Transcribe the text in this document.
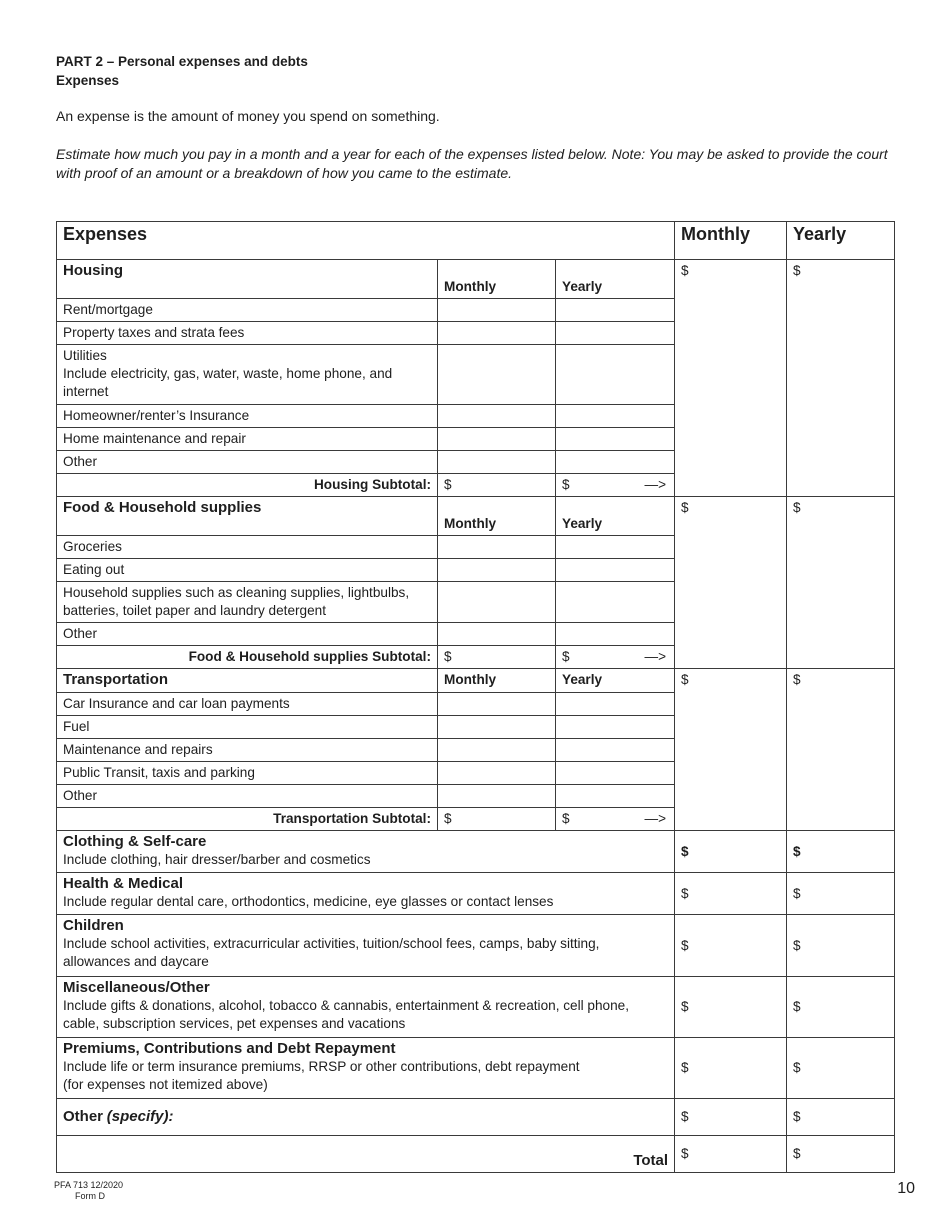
PART 2 – Personal expenses and debts
Expenses
An expense is the amount of money you spend on something.
Estimate how much you pay in a month and a year for each of the expenses listed below. Note: You may be asked to provide the court with proof of an amount or a breakdown of how you came to the estimate.
Expenses			Monthly	Yearly
Housing	Monthly	Yearly	$	$
Rent/mortgage				
Property taxes and strata fees				

Utilities
Include electricity, gas, water, waste, home phone, and internet				

Homeowner/renter’s Insurance				
Home maintenance and repair				
Other				
Housing Subtotal:	$	$ —>		

Food & Household supplies	Monthly	Yearly	$	$
Groceries				
Eating out				
Household supplies such as cleaning supplies, lightbulbs, batteries, toilet paper and laundry detergent				
Other				
Food & Household supplies Subtotal:	$	$ —>		

Transportation	Monthly	Yearly	$	$
Car Insurance and car loan payments				
Fuel				
Maintenance and repairs				
Public Transit, taxis and parking				
Other				
Transportation Subtotal:	$	$ —>		

Clothing & Self-care
Include clothing, hair dresser/barber and cosmetics			$	$

Health & Medical
Include regular dental care, orthodontics, medicine, eye glasses or contact lenses			$	$

Children
Include school activities, extracurricular activities, tuition/school fees, camps, baby sitting, allowances and daycare			$	$

Miscellaneous/Other
Include gifts & donations, alcohol, tobacco & cannabis, entertainment & recreation, cell phone, cable, subscription services, pet expenses and vacations			$	$

Premiums, Contributions and Debt Repayment
Include life or term insurance premiums, RRSP or other contributions, debt repayment
(for expenses not itemized above)			$	$
Other (specify):			$	$
Total			$	$
PFA 713 12/2020
Form D	10
